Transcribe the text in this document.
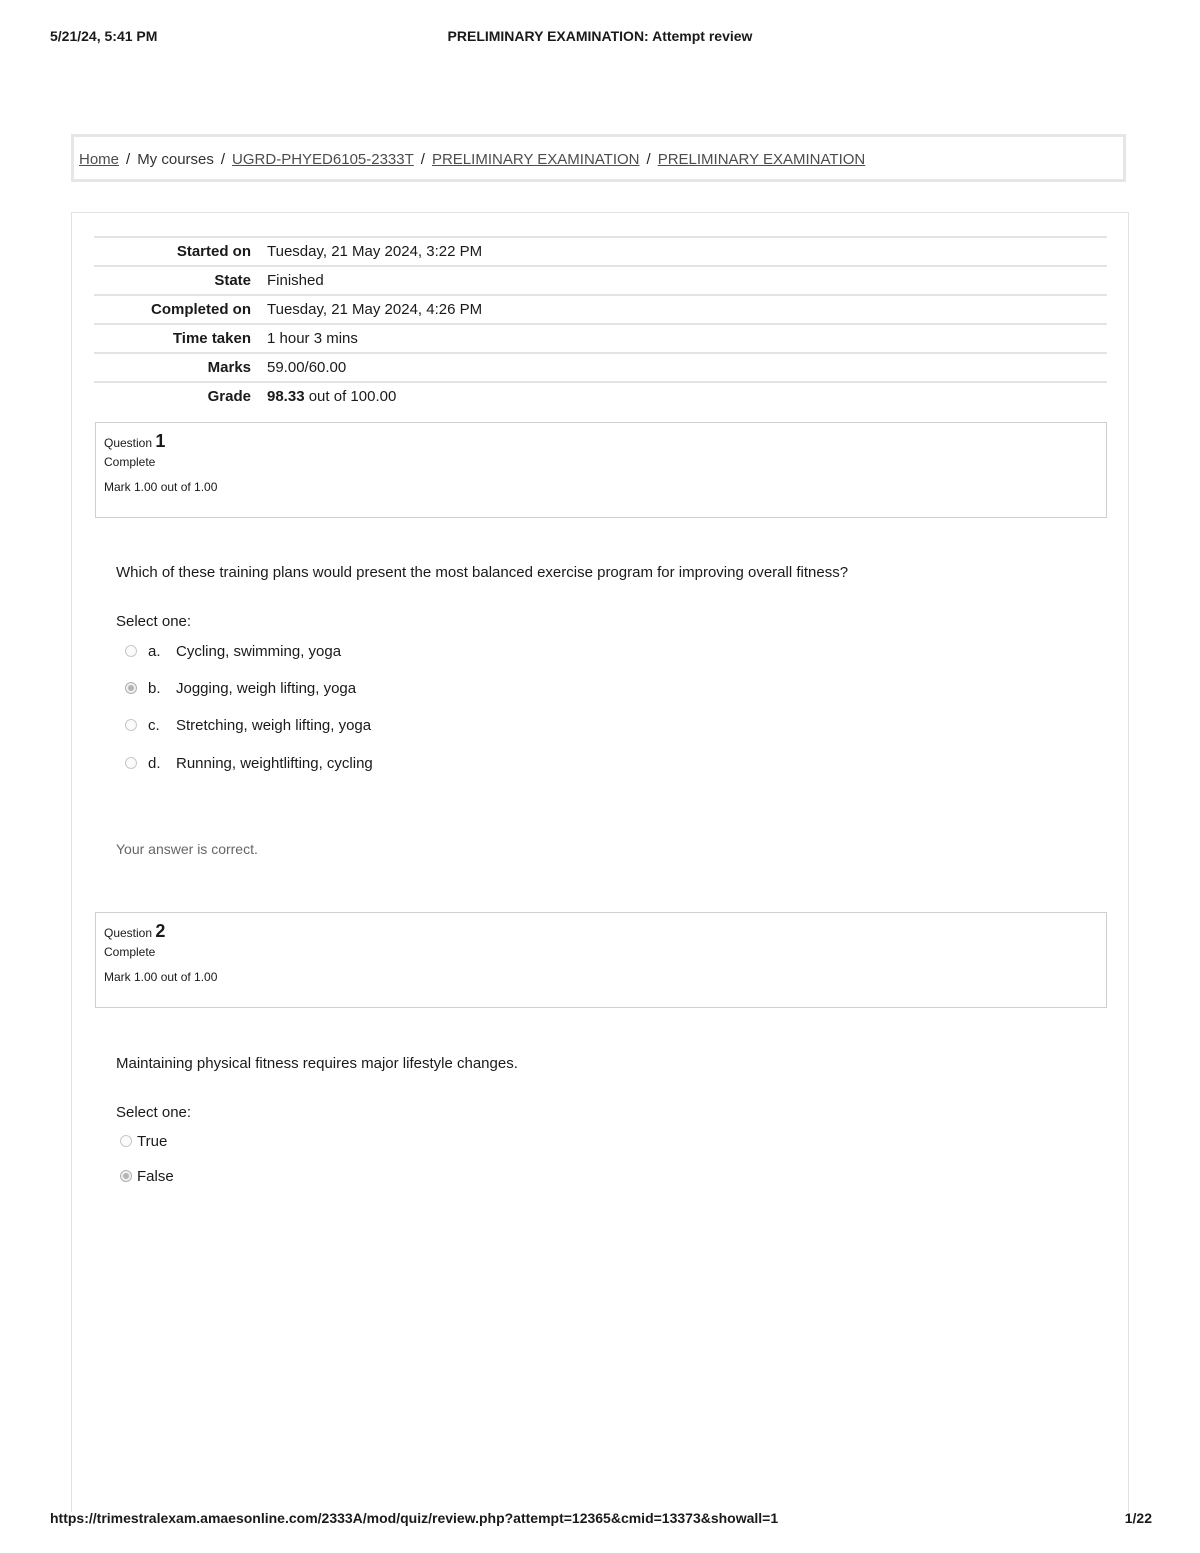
5/21/24, 5:41 PM	PRELIMINARY EXAMINATION: Attempt review
Home / My courses / UGRD-PHYED6105-2333T / PRELIMINARY EXAMINATION / PRELIMINARY EXAMINATION
Started on	Tuesday, 21 May 2024, 3:22 PM
State	Finished
Completed on	Tuesday, 21 May 2024, 4:26 PM
Time taken	1 hour 3 mins
Marks	59.00/60.00
Grade	98.33 out of 100.00
Question 1
Complete
Mark 1.00 out of 1.00
Which of these training plans would present the most balanced exercise program for improving overall fitness?
Select one:
a.	Cycling, swimming, yoga
b.	Jogging, weigh lifting, yoga
c.	Stretching, weigh lifting, yoga
d.	Running, weightlifting, cycling
Your answer is correct.
Question 2
Complete
Mark 1.00 out of 1.00
Maintaining physical fitness requires major lifestyle changes.
Select one:
True
False
https://trimestralexam.amaesonline.com/2333A/mod/quiz/review.php?attempt=12365&cmid=13373&showall=1	1/22
